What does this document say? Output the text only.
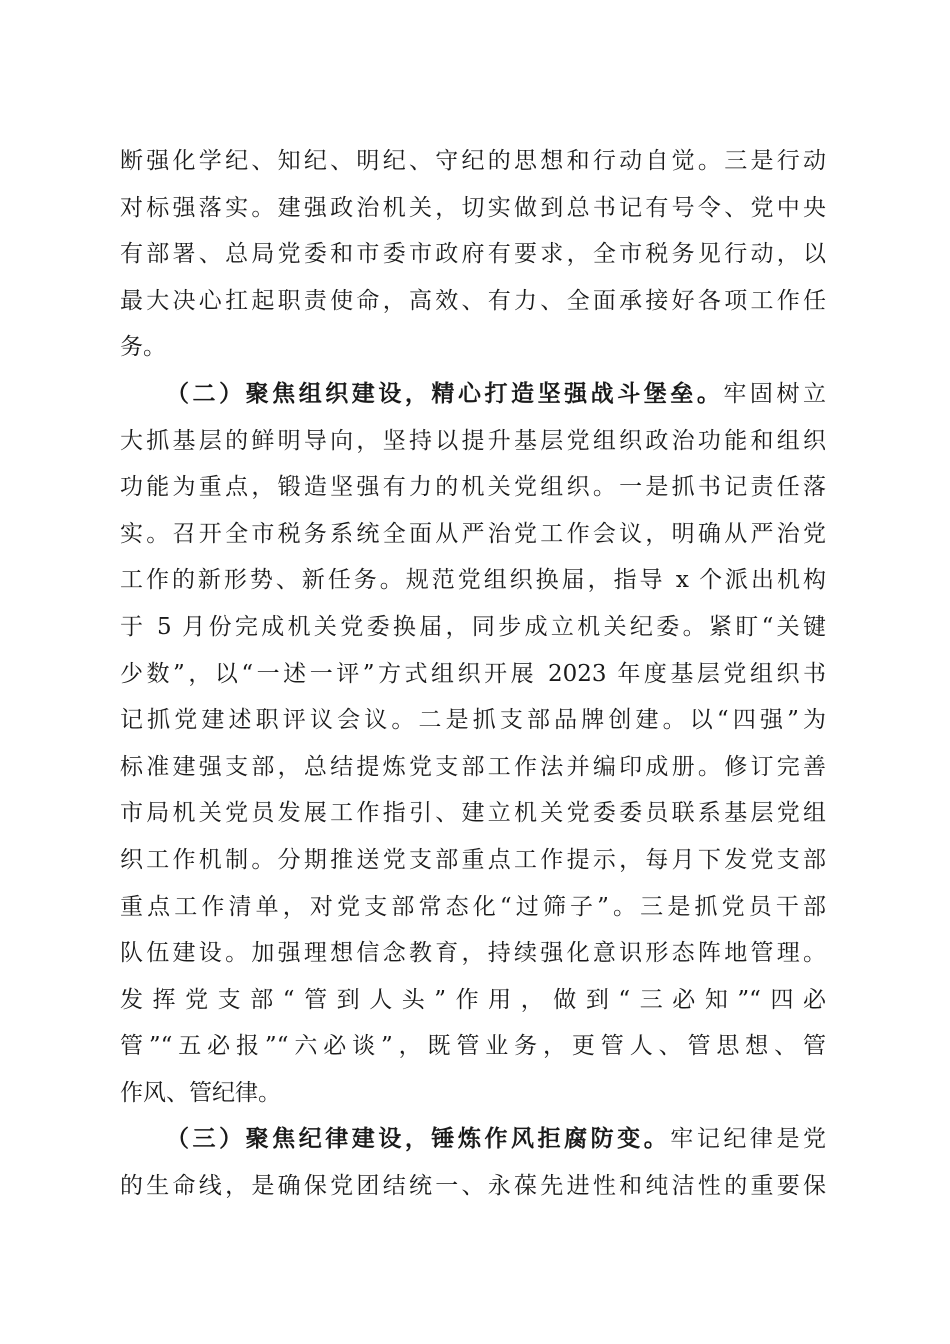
断强化学纪、知纪、明纪、守纪的思想和行动自觉。三是行动
对标强落实。建强政治机关，切实做到总书记有号令、党中央
有部署、总局党委和市委市政府有要求，全市税务见行动，以
最大决心扛起职责使命，高效、有力、全面承接好各项工作任
务。
（二）聚焦组织建设，精心打造坚强战斗堡垒。牢固树立
大抓基层的鲜明导向，坚持以提升基层党组织政治功能和组织
功能为重点，锻造坚强有力的机关党组织。一是抓书记责任落
实。召开全市税务系统全面从严治党工作会议，明确从严治党
工作的新形势、新任务。规范党组织换届，指导 x 个派出机构
于 5 月份完成机关党委换届，同步成立机关纪委。紧盯“关键
少数”，以“一述一评”方式组织开展 2023 年度基层党组织书
记抓党建述职评议会议。二是抓支部品牌创建。以“四强”为
标准建强支部，总结提炼党支部工作法并编印成册。修订完善
市局机关党员发展工作指引、建立机关党委委员联系基层党组
织工作机制。分期推送党支部重点工作提示，每月下发党支部
重点工作清单，对党支部常态化“过筛子”。三是抓党员干部
队伍建设。加强理想信念教育，持续强化意识形态阵地管理。
发挥党支部“管到人头”作用，做到“三必知”“四必
管”“五必报”“六必谈”，既管业务，更管人、管思想、管
作风、管纪律。
（三）聚焦纪律建设，锤炼作风拒腐防变。牢记纪律是党
的生命线，是确保党团结统一、永葆先进性和纯洁性的重要保
